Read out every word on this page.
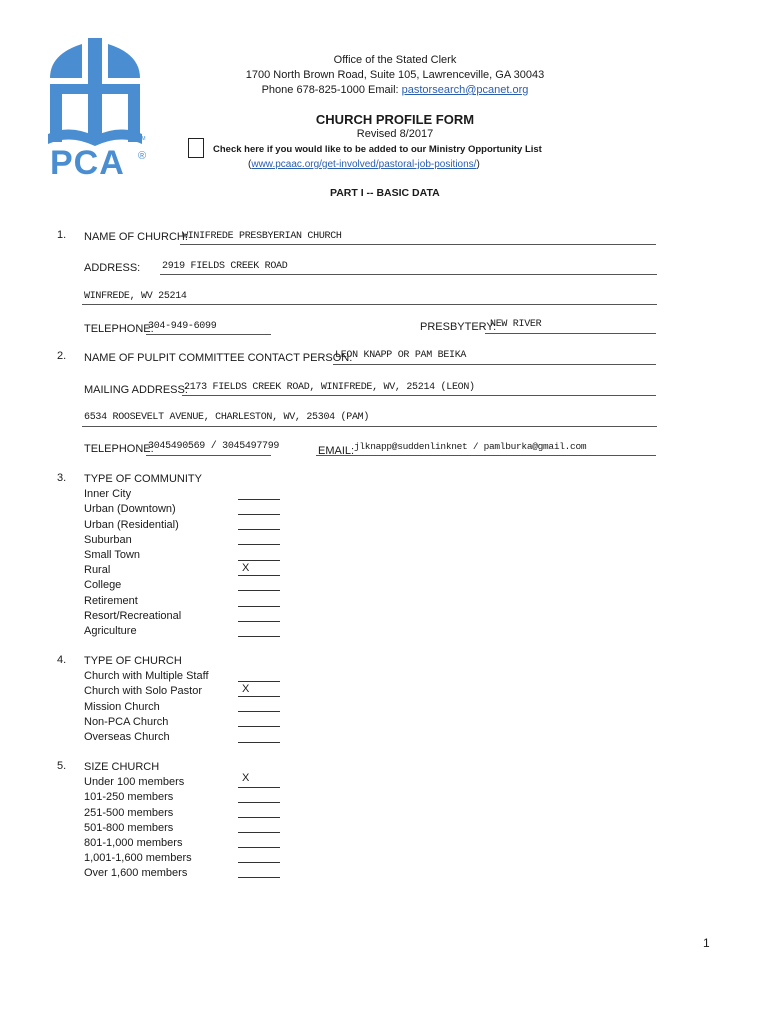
SM
PCA ®
Office of the Stated Clerk
1700 North Brown Road, Suite 105, Lawrenceville, GA 30043
Phone 678-825-1000 Email: pastorsearch@pcanet.org
CHURCH PROFILE FORM
Revised 8/2017
Check here if you would like to be added to our Ministry Opportunity List
(www.pcaac.org/get-involved/pastoral-job-positions/)
PART I -- BASIC DATA
1. NAME OF CHURCH:
WINIFREDE PRESBYERIAN CHURCH
ADDRESS: 2919 FIELDS CREEK ROAD
WINFREDE, WV 25214
TELEPHONE:
304-949-6099	PRESBYTERY:
NEW RIVER
2. NAME OF PULPIT COMMITTEE CONTACT PERSON:
LEON KNAPP OR PAM BEIKA
MAILING ADDRESS:
2173 FIELDS CREEK ROAD, WINIFREDE, WV, 25214 (LEON)
6534 ROOSEVELT AVENUE, CHARLESTON, WV, 25304 (PAM)
TELEPHONE:
3045490569 / 3045497799	EMAIL: jlknapp@suddenlinknet / pamlburka@gmail.com
3. TYPE OF COMMUNITY
Inner City
Urban (Downtown)
Urban (Residential)
Suburban
Small Town
Rural
College
Retirement
Resort/Recreational
Agriculture
X
4. TYPE OF CHURCH
Church with Multiple Staff
Church with Solo Pastor
Mission Church
Non-PCA Church
Overseas Church
X
5. SIZE CHURCH
Under 100 members
101-250 members
251-500 members
501-800 members
801-1,000 members
1,001-1,600 members
Over 1,600 members
X
1
